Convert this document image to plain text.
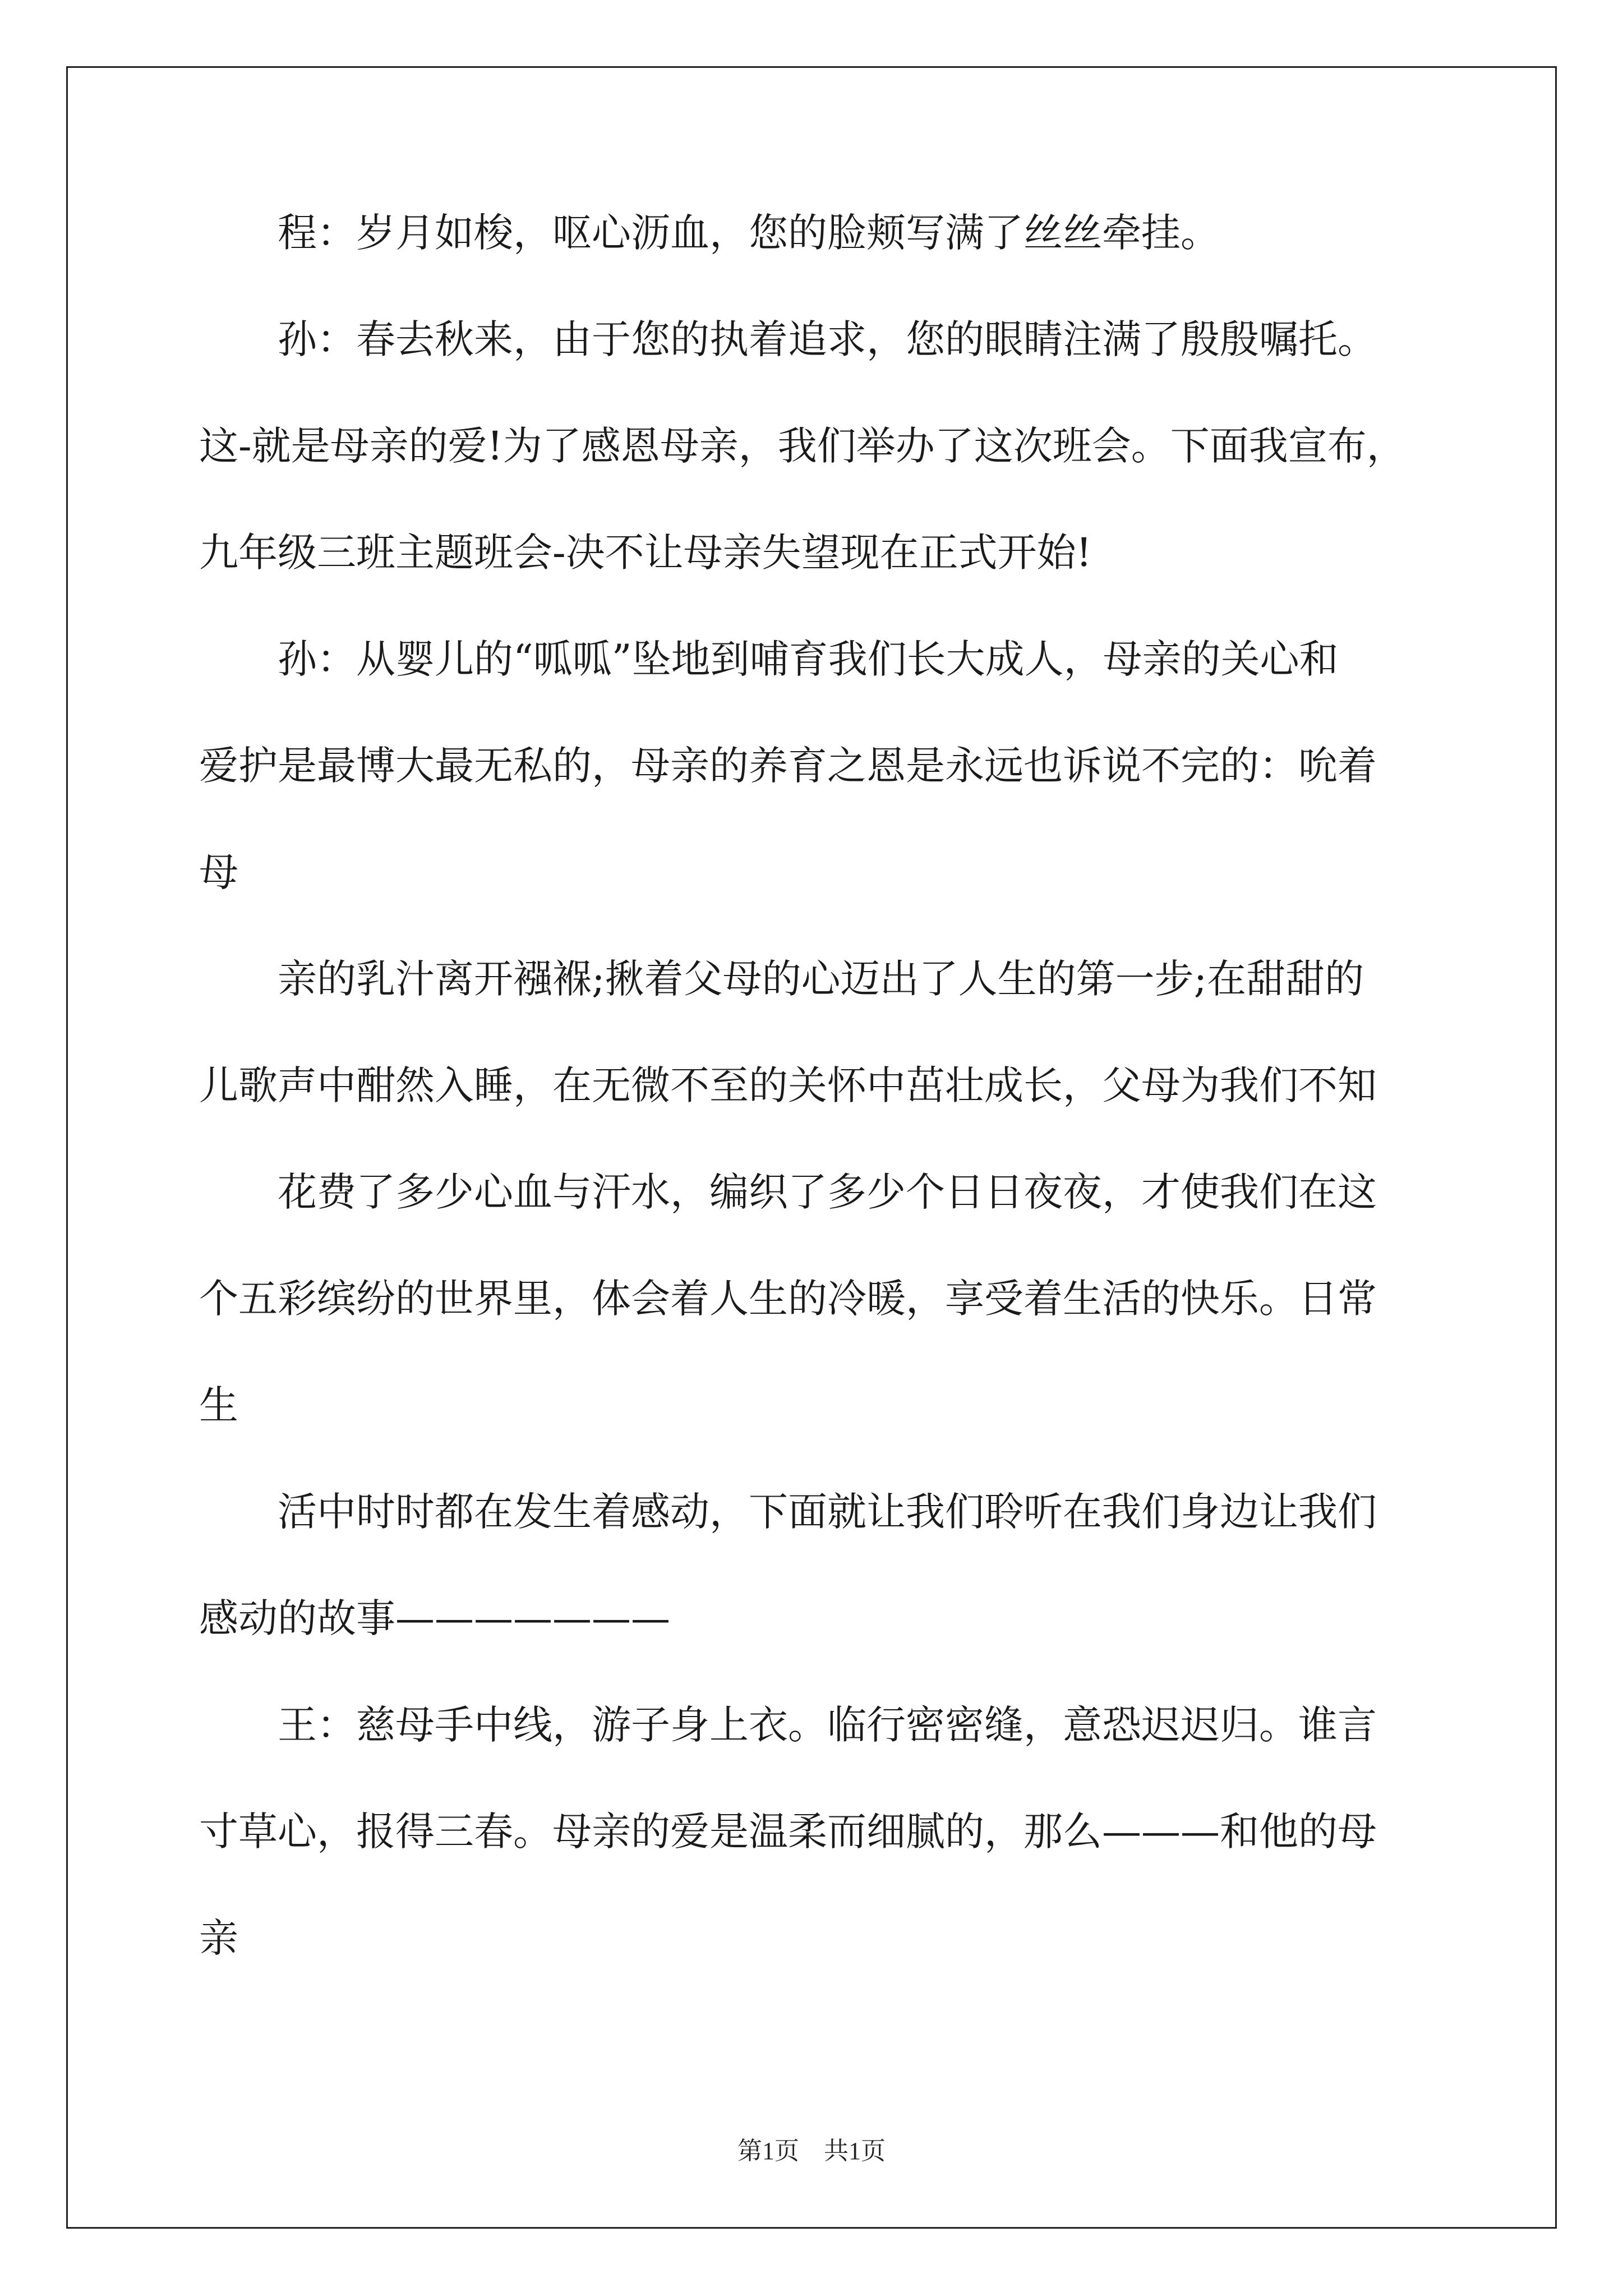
程：岁月如梭，呕心沥血，您的脸颊写满了丝丝牵挂。
孙：春去秋来，由于您的执着追求，您的眼睛注满了殷殷嘱托。
这-就是母亲的爱!为了感恩母亲，我们举办了这次班会。下面我宣布，
九年级三班主题班会-决不让母亲失望现在正式开始!
孙：从婴儿的“呱呱”坠地到哺育我们长大成人，母亲的关心和
爱护是最博大最无私的，母亲的养育之恩是永远也诉说不完的：吮着
母
亲的乳汁离开襁褓;揪着父母的心迈出了人生的第一步;在甜甜的
儿歌声中酣然入睡，在无微不至的关怀中茁壮成长，父母为我们不知
花费了多少心血与汗水，编织了多少个日日夜夜，才使我们在这
个五彩缤纷的世界里，体会着人生的冷暖，享受着生活的快乐。日常
生
活中时时都在发生着感动，下面就让我们聆听在我们身边让我们
感动的故事———————
王：慈母手中线，游子身上衣。临行密密缝，意恐迟迟归。谁言
寸草心，报得三春。母亲的爱是温柔而细腻的，那么———和他的母
亲
第1页 共1页
